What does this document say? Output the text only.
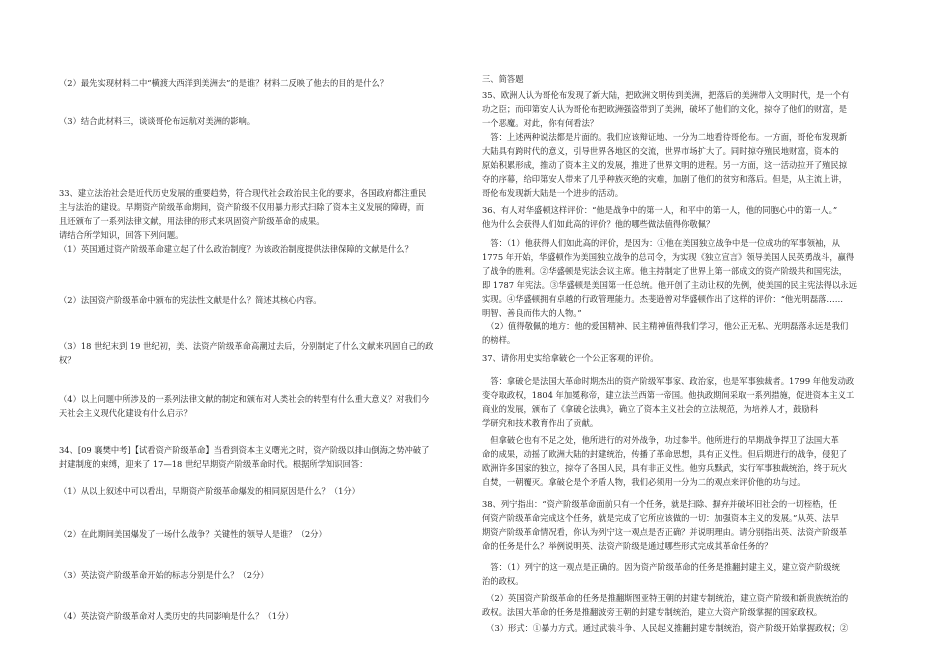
（2）最先实现材料二中“横渡大西洋到美洲去”的是谁？材料二反映了他去的目的是什么？

（3）结合此材料三，谈谈哥伦布远航对美洲的影响。

33、建立法治社会是近代历史发展的重要趋势，符合现代社会政治民主化的要求，各国政府都注重民
主与法治的建设。早期资产阶级革命期间，资产阶级不仅用暴力形式扫除了资本主义发展的障碍，而
且还颁布了一系列法律文献，用法律的形式来巩固资产阶级革命的成果。
请结合所学知识，回答下列问题。

（1）英国通过资产阶级革命建立起了什么政治制度？为该政治制度提供法律保障的文献是什么？

（2）法国资产阶级革命中颁布的宪法性文献是什么？简述其核心内容。

（3）18 世纪末到 19 世纪初，美、法资产阶级革命高潮过去后，分别制定了什么文献来巩固自己的政
权？

（4）以上问题中所涉及的一系列法律文献的制定和颁布对人类社会的转型有什么重大意义？对我们今
天社会主义现代化建设有什么启示？

34、[09 襄樊中考]【试看资产阶级革命】当看到资本主义曙光之时，资产阶级以排山倒海之势冲破了
封建制度的束缚，迎来了 17—18 世纪早期资产阶级革命时代。根据所学知识回答：

（1）从以上叙述中可以看出，早期资产阶级革命爆发的相同原因是什么？（1分）

（2）在此期间美国爆发了一场什么战争？关键性的领导人是谁？（2分）

（3）英法资产阶级革命开始的标志分别是什么？（2分）

（4）英法资产阶级革命对人类历史的共同影响是什么？（1分）

三、简答题

35、欧洲人认为哥伦布发现了新大陆，把欧洲文明传到美洲，把落后的美洲带入文明时代，是一个有
功之臣；而印第安人认为哥伦布把欧洲强盗带到了美洲，破坏了他们的文化，掠夺了他们的财富，是
一个恶魔。对此，你有何看法？

　答：上述两种说法都是片面的。我们应该辩证地、一分为二地看待哥伦布。一方面，哥伦布发现新
大陆具有跨时代的意义，引导世界各地区的交流，世界市场扩大了。同时掠夺殖民地财富，资本的
原始积累形成，推动了资本主义的发展，推进了世界文明的进程。另一方面，这一活动拉开了殖民掠
夺的序幕，给印第安人带来了几乎种族灭绝的灾难，加剧了他们的贫穷和落后。但是，从主流上讲，
哥伦布发现新大陆是一个进步的活动。

36、有人对华盛顿这样评价：“他是战争中的第一人，和平中的第一人，他的同胞心中的第一人。”
他为什么会获得人们如此高的评价？他的哪些做法值得你敬佩？

　答：（1）他获得人们如此高的评价，是因为：①他在美国独立战争中是一位成功的军事领袖，从
1775 年开始，华盛顿作为美国独立战争的总司令，为实现《独立宣言》领导美国人民英勇战斗，赢得
了战争的胜利。②华盛顿是宪法会议主席。他主持制定了世界上第一部成文的资产阶级共和国宪法，
即 1787 年宪法。③华盛顿是美国第一任总统。他开创了主动让权的先例，使美国的民主宪法得以永远
实现。④华盛顿拥有卓越的行政管理能力。杰斐逊曾对华盛顿作出了这样的评价：“他光明磊落……
明智、善良而伟大的人物。”

　（2）值得敬佩的地方：他的爱国精神、民主精神值得我们学习，他公正无私、光明磊落永远是我们
的榜样。

37、请你用史实给拿破仑一个公正客观的评价。

　答：拿破仑是法国大革命时期杰出的资产阶级军事家、政治家，也是军事独裁者。1799 年他发动政
变夺取政权，1804 年加冕称帝，建立法兰西第一帝国。他执政期间采取一系列措施，促进资本主义工
商业的发展，颁布了《拿破仑法典》，确立了资本主义社会的立法规范，为培养人才，鼓励科
学研究和技术教育作出了贡献。

　但拿破仑也有不足之处，他所进行的对外战争，功过参半。他所进行的早期战争捍卫了法国大革
命的成果，动摇了欧洲大陆的封建统治，传播了革命思想，具有正义性。但后期进行的战争，侵犯了
欧洲许多国家的独立，掠夺了各国人民，具有非正义性。他穷兵黩武，实行军事独裁统治，终于玩火
自焚，一朝覆灭。拿破仑是个矛盾人物，我们必须用一分为二的观点来评价他的功与过。

38、列宁指出：“资产阶级革命面前只有一个任务，就是扫除、摒弃并破坏旧社会的一切桎梏，任
何资产阶级革命完成这个任务，就是完成了它所应该做的一切：加强资本主义的发展。”从英、法早
期资产阶级革命情况看，你认为列宁这一观点是否正确？并说明理由。请分别指出英、法资产阶级革
命的任务是什么？举例说明英、法资产阶级是通过哪些形式完成其革命任务的？

　答：（1）列宁的这一观点是正确的。因为资产阶级革命的任务是推翻封建主义，建立资产阶级统
治的政权。

　（2）英国资产阶级革命的任务是推翻斯图亚特王朝的封建专制统治，建立资产阶级和新贵族统治的
政权。法国大革命的任务是推翻波旁王朝的封建专制统治，建立大资产阶级掌握的国家政权。

　（3）形式：①暴力方式。通过武装斗争、人民起义推翻封建专制统治，资产阶级开始掌握政权；②
